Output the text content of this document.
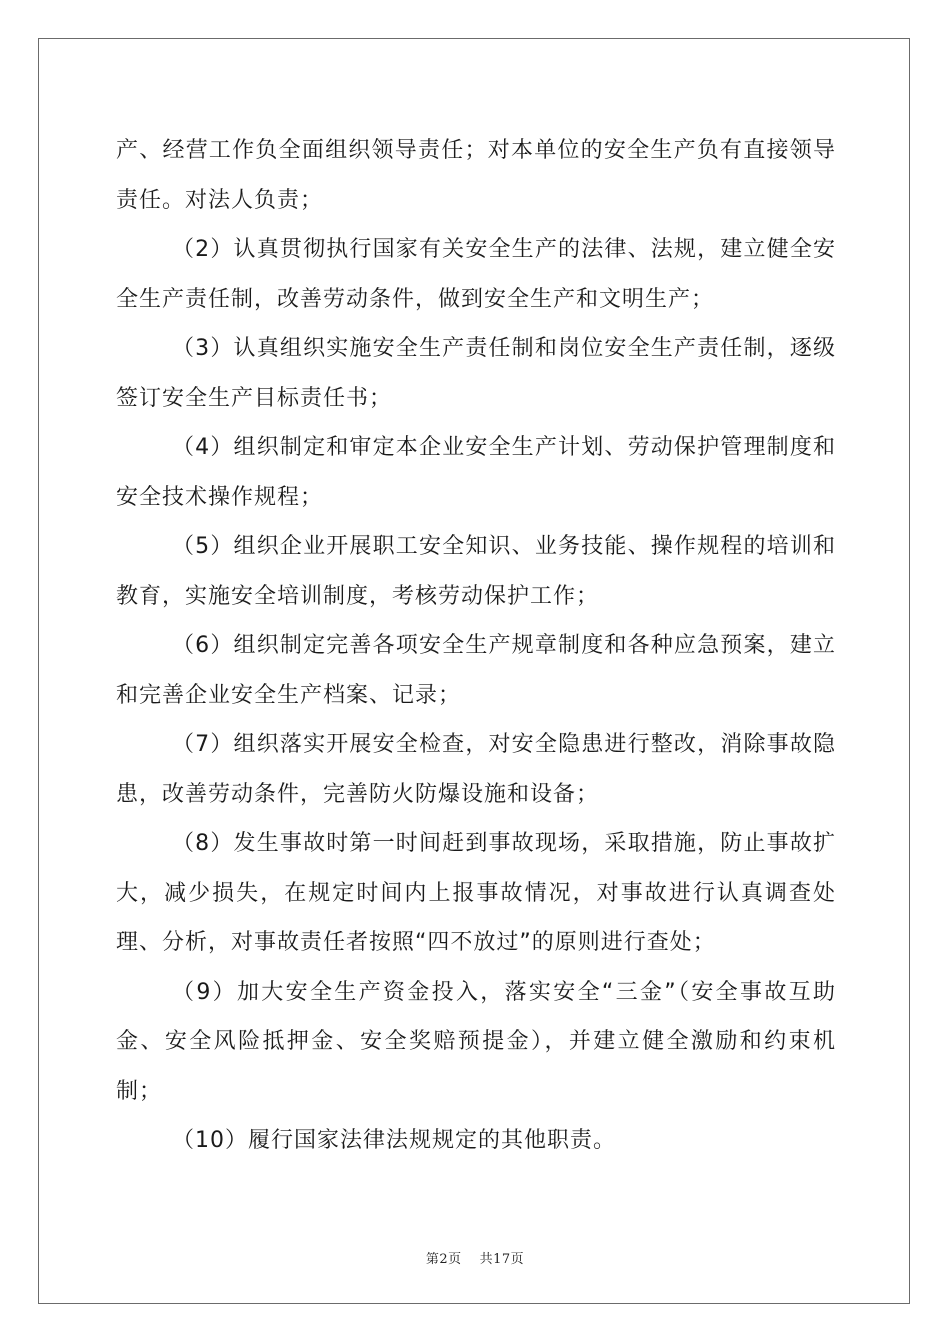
产、经营工作负全面组织领导责任；对本单位的安全生产负有直接领导责任。对法人负责；

（2）认真贯彻执行国家有关安全生产的法律、法规，建立健全安全生产责任制，改善劳动条件，做到安全生产和文明生产；

（3）认真组织实施安全生产责任制和岗位安全生产责任制，逐级签订安全生产目标责任书；

（4）组织制定和审定本企业安全生产计划、劳动保护管理制度和安全技术操作规程；

（5）组织企业开展职工安全知识、业务技能、操作规程的培训和教育，实施安全培训制度，考核劳动保护工作；

（6）组织制定完善各项安全生产规章制度和各种应急预案，建立和完善企业安全生产档案、记录；

（7）组织落实开展安全检查，对安全隐患进行整改，消除事故隐患，改善劳动条件，完善防火防爆设施和设备；

（8）发生事故时第一时间赶到事故现场，采取措施，防止事故扩大，减少损失，在规定时间内上报事故情况，对事故进行认真调查处理、分析，对事故责任者按照“四不放过”的原则进行查处；

（9）加大安全生产资金投入，落实安全“三金”（安全事故互助金、安全风险抵押金、安全奖赔预提金），并建立健全激励和约束机制；

（10）履行国家法律法规规定的其他职责。

第2页 共17页
